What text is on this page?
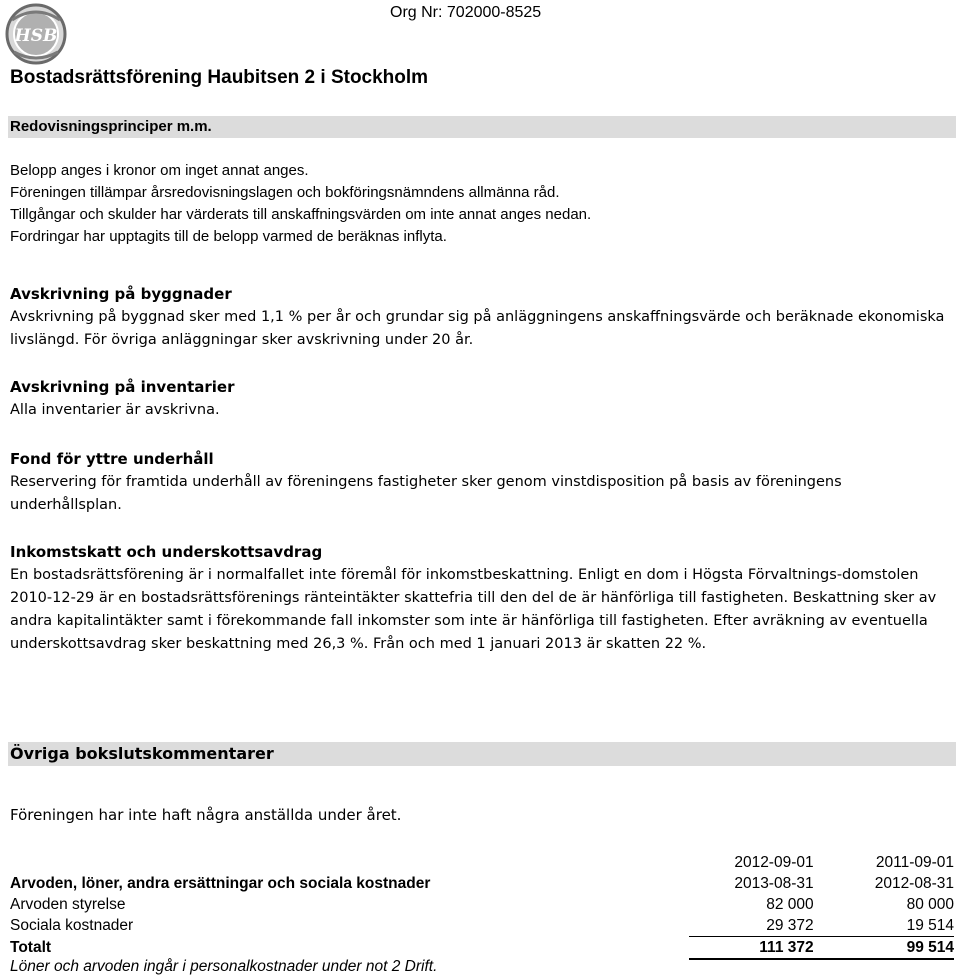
HSB
Org Nr: 702000-8525
Bostadsrättsförening Haubitsen 2 i Stockholm
Redovisningsprinciper m.m.
Belopp anges i kronor om inget annat anges.
Föreningen tillämpar årsredovisningslagen och bokföringsnämndens allmänna råd.
Tillgångar och skulder har värderats till anskaffningsvärden om inte annat anges nedan.
Fordringar har upptagits till de belopp varmed de beräknas inflyta.
Avskrivning på byggnader

Avskrivning på byggnad sker med 1,1 % per år och grundar sig på anläggningens anskaffningsvärde och beräknade ekonomiska livslängd. För övriga anläggningar sker avskrivning under 20 år.

Avskrivning på inventarier

Alla inventarier är avskrivna.

Fond för yttre underhåll

Reservering för framtida underhåll av föreningens fastigheter sker genom vinstdisposition på basis av föreningens underhållsplan.

Inkomstskatt och underskottsavdrag

En bostadsrättsförening är i normalfallet inte föremål för inkomstbeskattning. Enligt en dom i Högsta Förvaltnings-domstolen 2010-12-29 är en bostadsrättsförenings ränteintäkter skattefria till den del de är hänförliga till fastigheten. Beskattning sker av andra kapitalintäkter samt i förekommande fall inkomster som inte är hänförliga till fastigheten. Efter avräkning av eventuella underskottsavdrag sker beskattning med 26,3 %. Från och med 1 januari 2013 är skatten 22 %.

Övriga bokslutskommentarer
Föreningen har inte haft några anställda under året.
	2012-09-01	2011-09-01
Arvoden, löner, andra ersättningar och sociala kostnader	2013-08-31	2012-08-31
Arvoden styrelse	82 000	80 000
Sociala kostnader	29 372	19 514
Totalt	111 372	99 514
Löner och arvoden ingår i personalkostnader under not 2 Drift.
